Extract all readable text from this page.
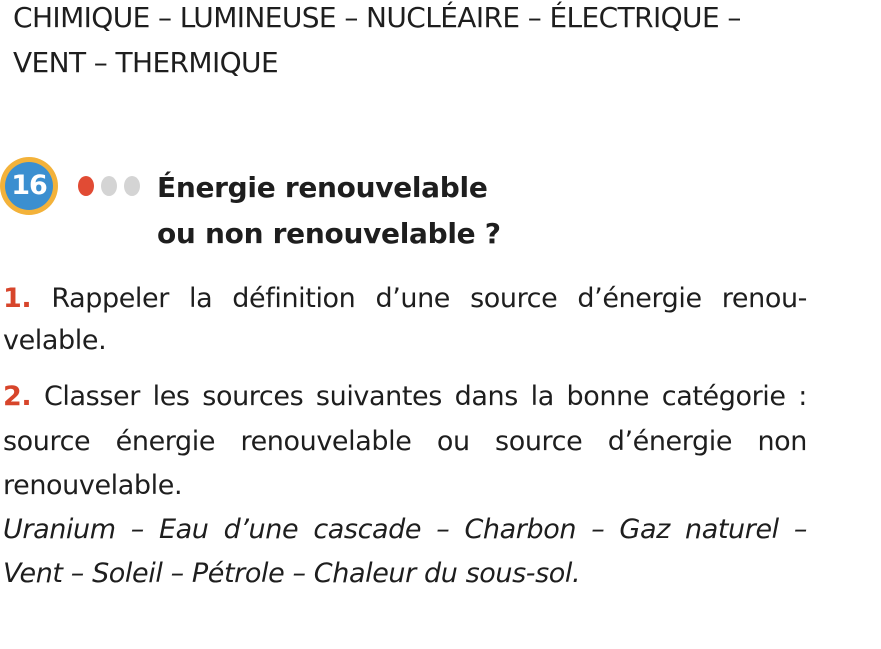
CHIMIQUE – LUMINEUSE – NUCLÉAIRE – ÉLECTRIQUE –
VENT – THERMIQUE
16	Énergie renouvelable
ou non renouvelable ?
1. Rappeler la définition d’une source d’énergie renou-
velable.
2. Classer les sources suivantes dans la bonne catégorie :
source énergie renouvelable ou source d’énergie non
renouvelable.
Uranium – Eau d’une cascade – Charbon – Gaz naturel –
Vent – Soleil – Pétrole – Chaleur du sous-sol.
